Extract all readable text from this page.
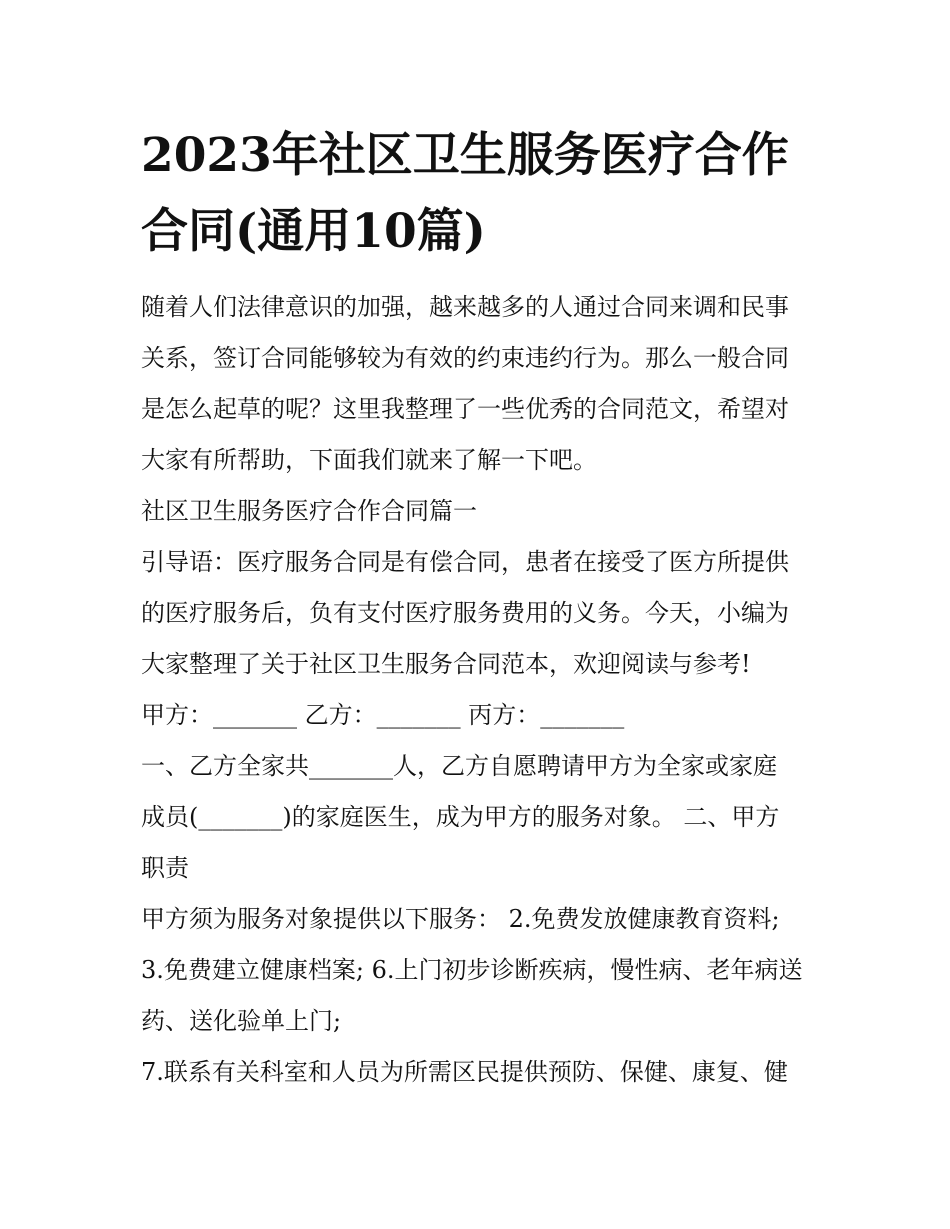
2023年社区卫生服务医疗合作
合同(通用10篇)
随着人们法律意识的加强，越来越多的人通过合同来调和民事
关系，签订合同能够较为有效的约束违约行为。那么一般合同
是怎么起草的呢？这里我整理了一些优秀的合同范文，希望对
大家有所帮助，下面我们就来了解一下吧。
社区卫生服务医疗合作合同篇一
引导语：医疗服务合同是有偿合同，患者在接受了医方所提供
的医疗服务后，负有支付医疗服务费用的义务。今天，小编为
大家整理了关于社区卫生服务合同范本，欢迎阅读与参考!
甲方：_______ 乙方：_______ 丙方：_______
一、乙方全家共_______人，乙方自愿聘请甲方为全家或家庭
成员(_______)的家庭医生，成为甲方的服务对象。 二、甲方
职责
甲方须为服务对象提供以下服务： 2.免费发放健康教育资料;
3.免费建立健康档案; 6.上门初步诊断疾病，慢性病、老年病送
药、送化验单上门;
7.联系有关科室和人员为所需区民提供预防、保健、康复、健
